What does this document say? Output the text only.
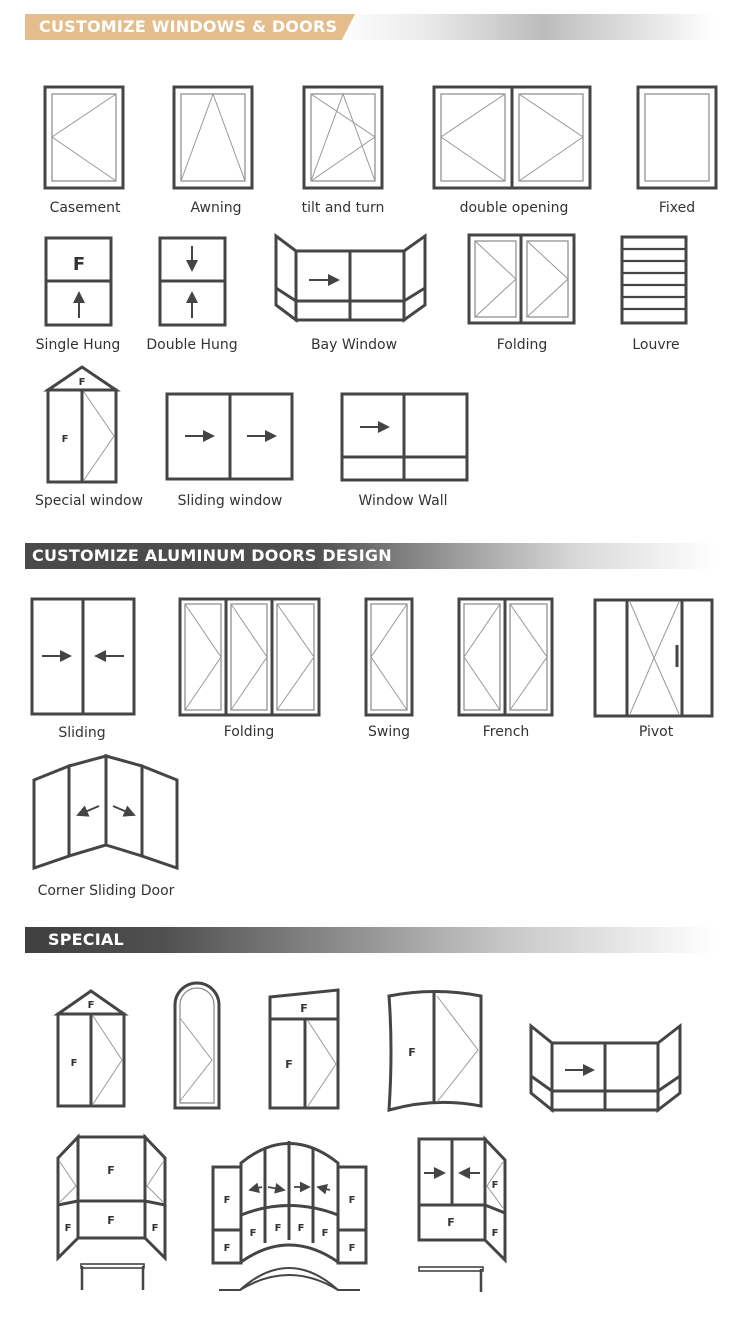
CUSTOMIZE WINDOWS & DOORS
CUSTOMIZE ALUMINUM DOORS DESIGN
SPECIAL
F
F
F
F
F
F
F
F
F
F
F	F
F
F
F
F
F F F F
F
F
F
Casement	Awning	tilt and turn	double opening	Fixed
Single Hung Double Hung	Bay Window	Folding	Louvre
Special window Sliding window	Window Wall
Sliding	Folding	Swing	French	Pivot
Corner Sliding Door
